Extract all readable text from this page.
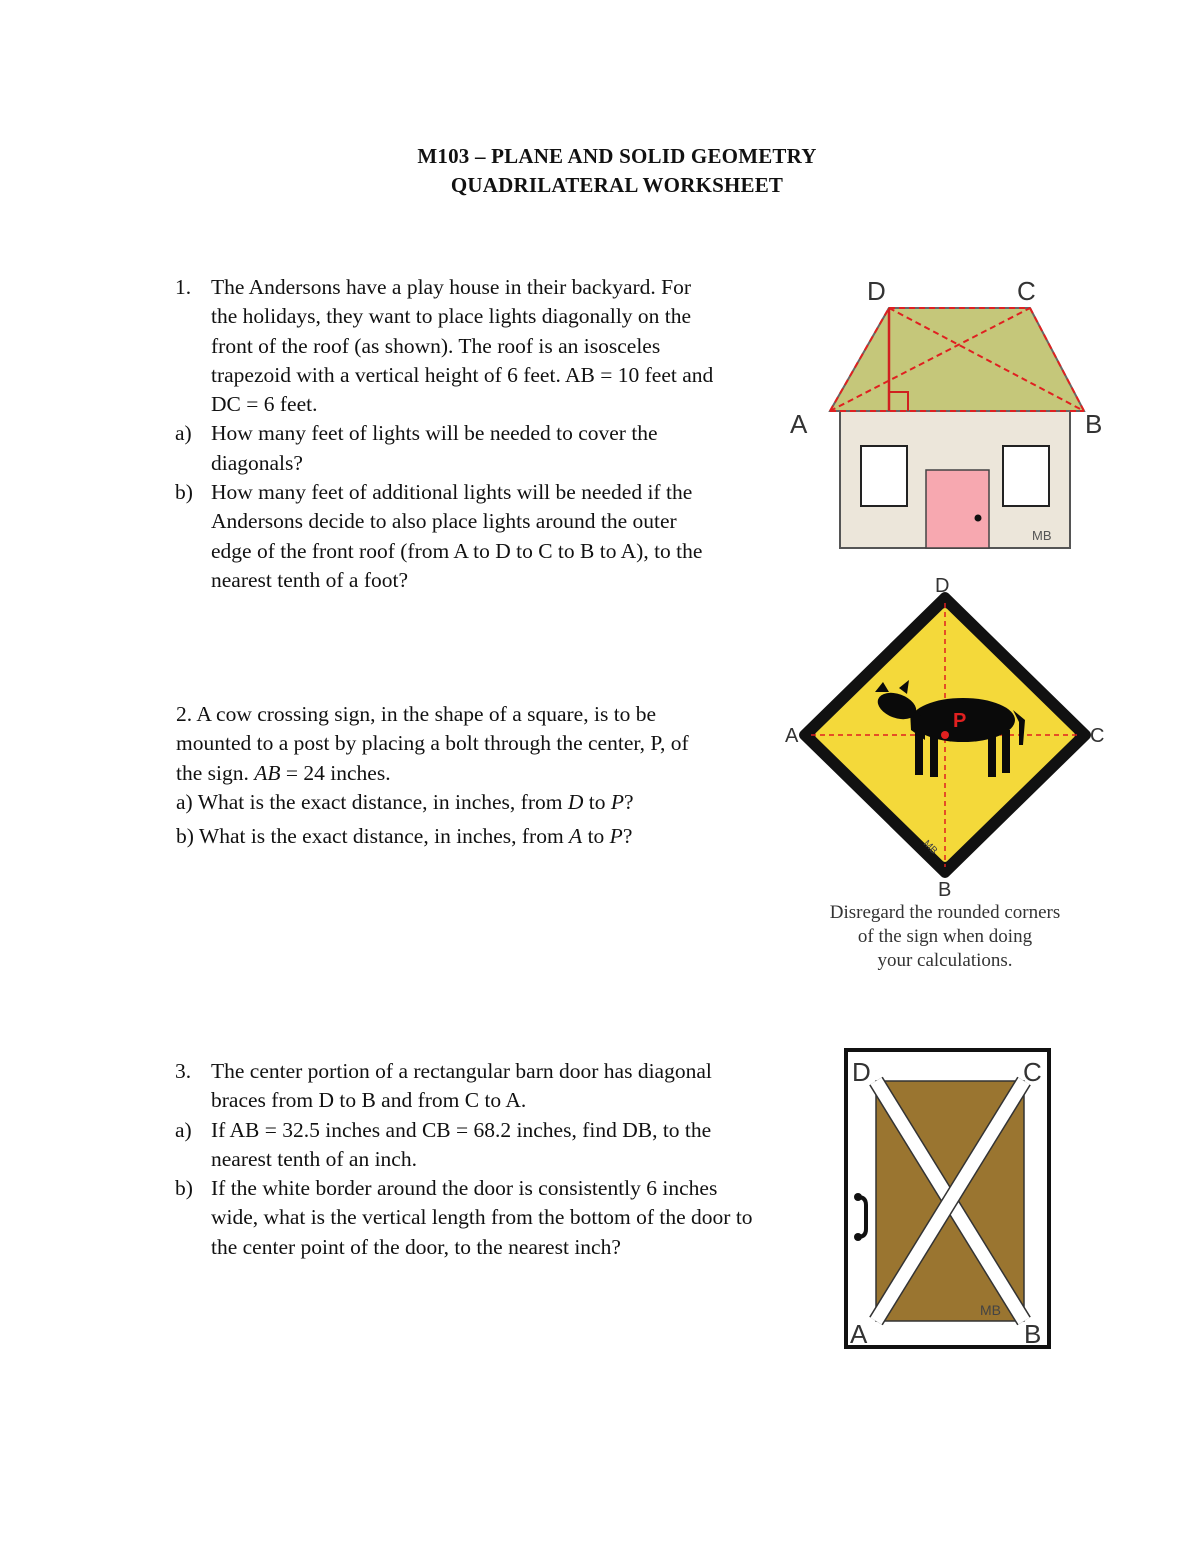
M103 – PLANE AND SOLID GEOMETRY
QUADRILATERAL WORKSHEET
1. The Andersons have a play house in their backyard. For
the holidays, they want to place lights diagonally on the
front of the roof (as shown). The roof is an isosceles
trapezoid with a vertical height of 6 feet. AB = 10 feet and
DC = 6 feet.
a) How many feet of lights will be needed to cover the
diagonals?
b) How many feet of additional lights will be needed if the
Andersons decide to also place lights around the outer
edge of the front roof (from A to D to C to B to A), to the
nearest tenth of a foot?
MB
A	B
C
D
2. A cow crossing sign, in the shape of a square, is to be
mounted to a post by placing a bolt through the center, P, of
the sign. AB = 24 inches.
a) What is the exact distance, in inches, from D to P?
b) What is the exact distance, in inches, from A to P?
P
MB
D
A	C
B
Disregard the rounded corners
of the sign when doing
your calculations.
3. The center portion of a rectangular barn door has diagonal
braces from D to B and from C to A.
a) If AB = 32.5 inches and CB = 68.2 inches, find DB, to the
nearest tenth of an inch.
b) If the white border around the door is consistently 6 inches
wide, what is the vertical length from the bottom of the door to
the center point of the door, to the nearest inch?
MB
D	C
A	B
